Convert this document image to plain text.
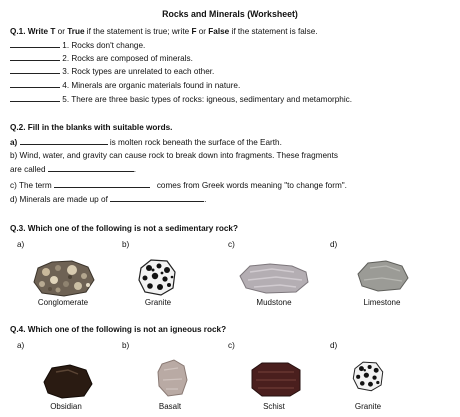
Rocks and Minerals (Worksheet)
Q.1. Write T or True if the statement is true; write F or False if the statement is false.
1. Rocks don't change.
2. Rocks are composed of minerals.
3. Rock types are unrelated to each other.
4. Minerals are organic materials found in nature.
5. There are three basic types of rocks: igneous, sedimentary and metamorphic.
Q.2. Fill in the blanks with suitable words.
a)	is molten rock beneath the surface of the Earth.
b) Wind, water, and gravity can cause rock to break down into fragments. These fragments
are called	.
c) The term	comes from Greek words meaning "to change form".
d) Minerals are made up of	.
Q.3. Which one of the following is not a sedimentary rock?
a)	b)	c)	d)
Conglomerate	Granite	Mudstone	Limestone
Q.4. Which one of the following is not an igneous rock?
a)	b)	c)	d)
Obsidian	Basalt	Schist	Granite
